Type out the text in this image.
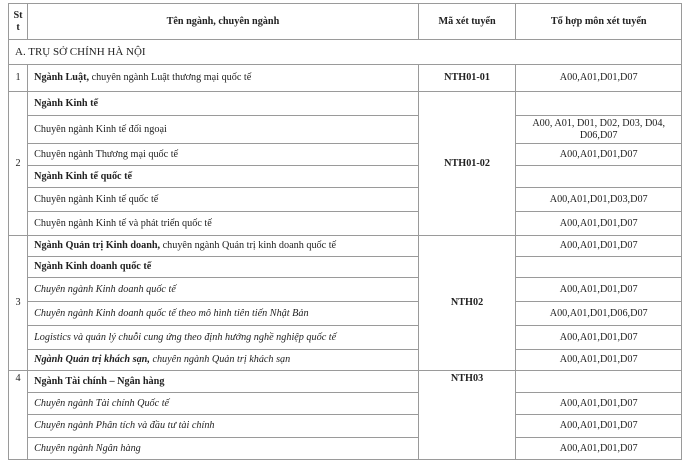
St t	Tên ngành, chuyên ngành	Mã xét tuyển	Tổ hợp môn xét tuyển
A. TRỤ SỞ CHÍNH HÀ NỘI			
1	Ngành Luật, chuyên ngành Luật thương mại quốc tế	NTH01-01	A00,A01,D01,D07
2	Ngành Kinh tế	NTH01-02	
	Chuyên ngành Kinh tế đối ngoại		A00, A01, D01, D02, D03, D04, D06,D07
	Chuyên ngành Thương mại quốc tế		A00,A01,D01,D07
	Ngành Kinh tế quốc tế		
	Chuyên ngành Kinh tế quốc tế		A00,A01,D01,D03,D07
	Chuyên ngành Kinh tế và phát triển quốc tế		A00,A01,D01,D07
3	Ngành Quản trị Kinh doanh, chuyên ngành Quản trị kinh doanh quốc tế	NTH02	A00,A01,D01,D07
	Ngành Kinh doanh quốc tế		
	Chuyên ngành Kinh doanh quốc tế		A00,A01,D01,D07
	Chuyên ngành Kinh doanh quốc tế theo mô hình tiên tiến Nhật Bản		A00,A01,D01,D06,D07
	Logistics và quản lý chuỗi cung ứng theo định hướng nghề nghiệp quốc tế		A00,A01,D01,D07
	Ngành Quản trị khách sạn, chuyên ngành Quản trị khách sạn		A00,A01,D01,D07
4	Ngành Tài chính – Ngân hàng	NTH03	
	Chuyên ngành Tài chính Quốc tế		A00,A01,D01,D07
	Chuyên ngành Phân tích và đầu tư tài chính		A00,A01,D01,D07
	Chuyên ngành Ngân hàng		A00,A01,D01,D07
